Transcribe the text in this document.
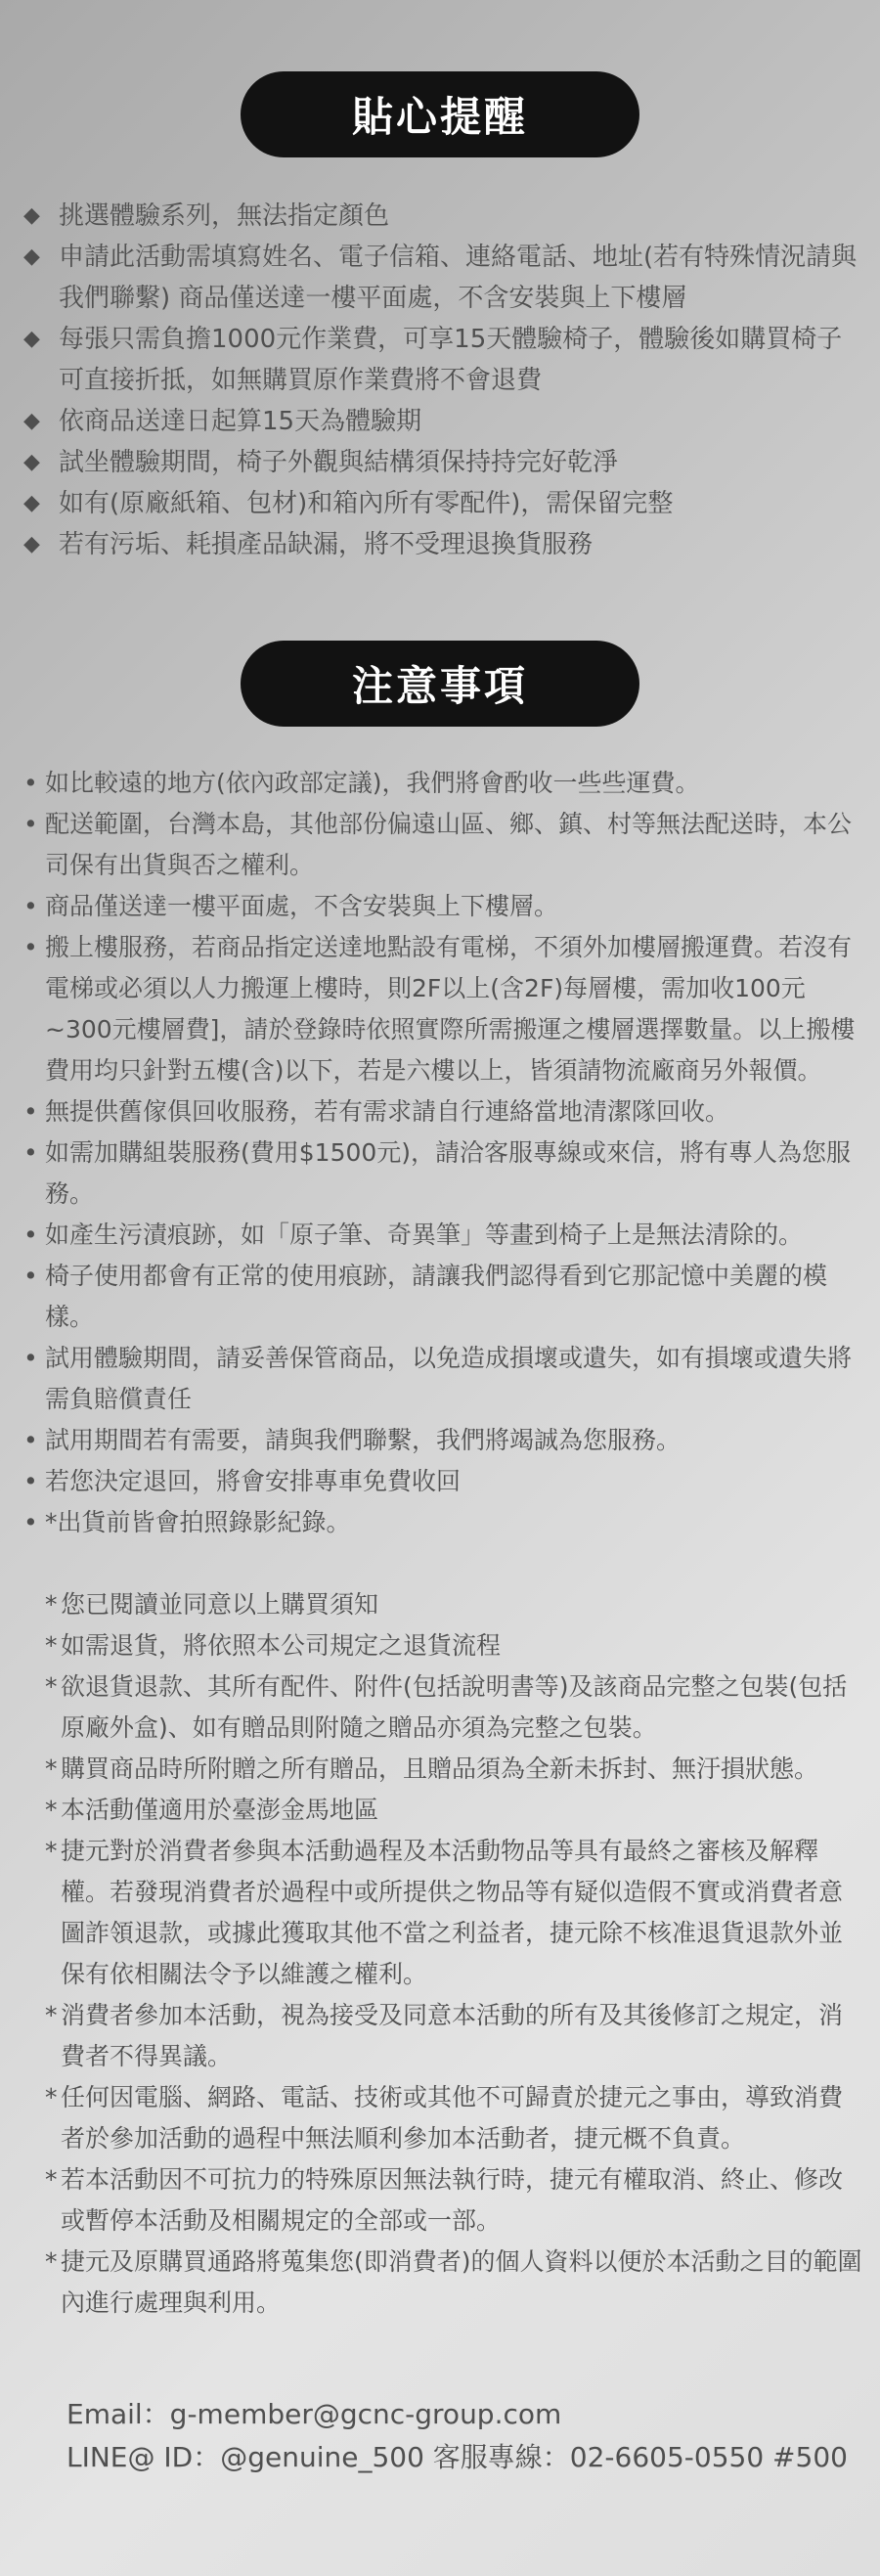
貼心提醒
◆ 挑選體驗系列，無法指定顏色
◆ 申請此活動需填寫姓名、電子信箱、連絡電話、地址(若有特殊情況請與我們聯繫) 商品僅送達一樓平面處，不含安裝與上下樓層
◆ 每張只需負擔1000元作業費，可享15天體驗椅子，體驗後如購買椅子可直接折抵，如無購買原作業費將不會退費
◆ 依商品送達日起算15天為體驗期
◆ 試坐體驗期間，椅子外觀與結構須保持持完好乾淨
◆ 如有(原廠紙箱、包材)和箱內所有零配件)，需保留完整
◆ 若有污垢、耗損產品缺漏，將不受理退換貨服務
注意事項
• 如比較遠的地方(依內政部定議)，我們將會酌收一些些運費。
• 配送範圍，台灣本島，其他部份偏遠山區、鄉、鎮、村等無法配送時，本公司保有出貨與否之權利。
• 商品僅送達一樓平面處，不含安裝與上下樓層。
• 搬上樓服務，若商品指定送達地點設有電梯，不須外加樓層搬運費。若沒有電梯或必須以人力搬運上樓時，則2F以上(含2F)每層樓，需加收100元~300元樓層費]，請於登錄時依照實際所需搬運之樓層選擇數量。以上搬樓費用均只針對五樓(含)以下，若是六樓以上，皆須請物流廠商另外報價。
• 無提供舊傢俱回收服務，若有需求請自行連絡當地清潔隊回收。
• 如需加購組裝服務(費用$1500元)，請洽客服專線或來信，將有專人為您服務。
• 如產生污漬痕跡，如「原子筆、奇異筆」等畫到椅子上是無法清除的。
• 椅子使用都會有正常的使用痕跡，請讓我們認得看到它那記憶中美麗的模樣。
• 試用體驗期間，請妥善保管商品，以免造成損壞或遺失，如有損壞或遺失將需負賠償責任
• 試用期間若有需要，請與我們聯繫，我們將竭誠為您服務。
• 若您決定退回，將會安排專車免費收回
• *出貨前皆會拍照錄影紀錄。
* 您已閱讀並同意以上購買須知
* 如需退貨，將依照本公司規定之退貨流程
* 欲退貨退款、其所有配件、附件(包括說明書等)及該商品完整之包裝(包括原廠外盒)、如有贈品則附隨之贈品亦須為完整之包裝。
* 購買商品時所附贈之所有贈品，且贈品須為全新未拆封、無汙損狀態。
* 本活動僅適用於臺澎金馬地區
* 捷元對於消費者參與本活動過程及本活動物品等具有最終之審核及解釋權。若發現消費者於過程中或所提供之物品等有疑似造假不實或消費者意圖詐領退款，或據此獲取其他不當之利益者，捷元除不核准退貨退款外並保有依相關法令予以維護之權利。
* 消費者參加本活動，視為接受及同意本活動的所有及其後修訂之規定，消費者不得異議。
* 任何因電腦、網路、電話、技術或其他不可歸責於捷元之事由，導致消費者於參加活動的過程中無法順利參加本活動者，捷元概不負責。
* 若本活動因不可抗力的特殊原因無法執行時，捷元有權取消、終止、修改或暫停本活動及相關規定的全部或一部。
* 捷元及原購買通路將蒐集您(即消費者)的個人資料以便於本活動之目的範圍內進行處理與利用。
Email：g-member@gcnc-group.com
LINE@ ID：@genuine_500 客服專線：02-6605-0550 #500
